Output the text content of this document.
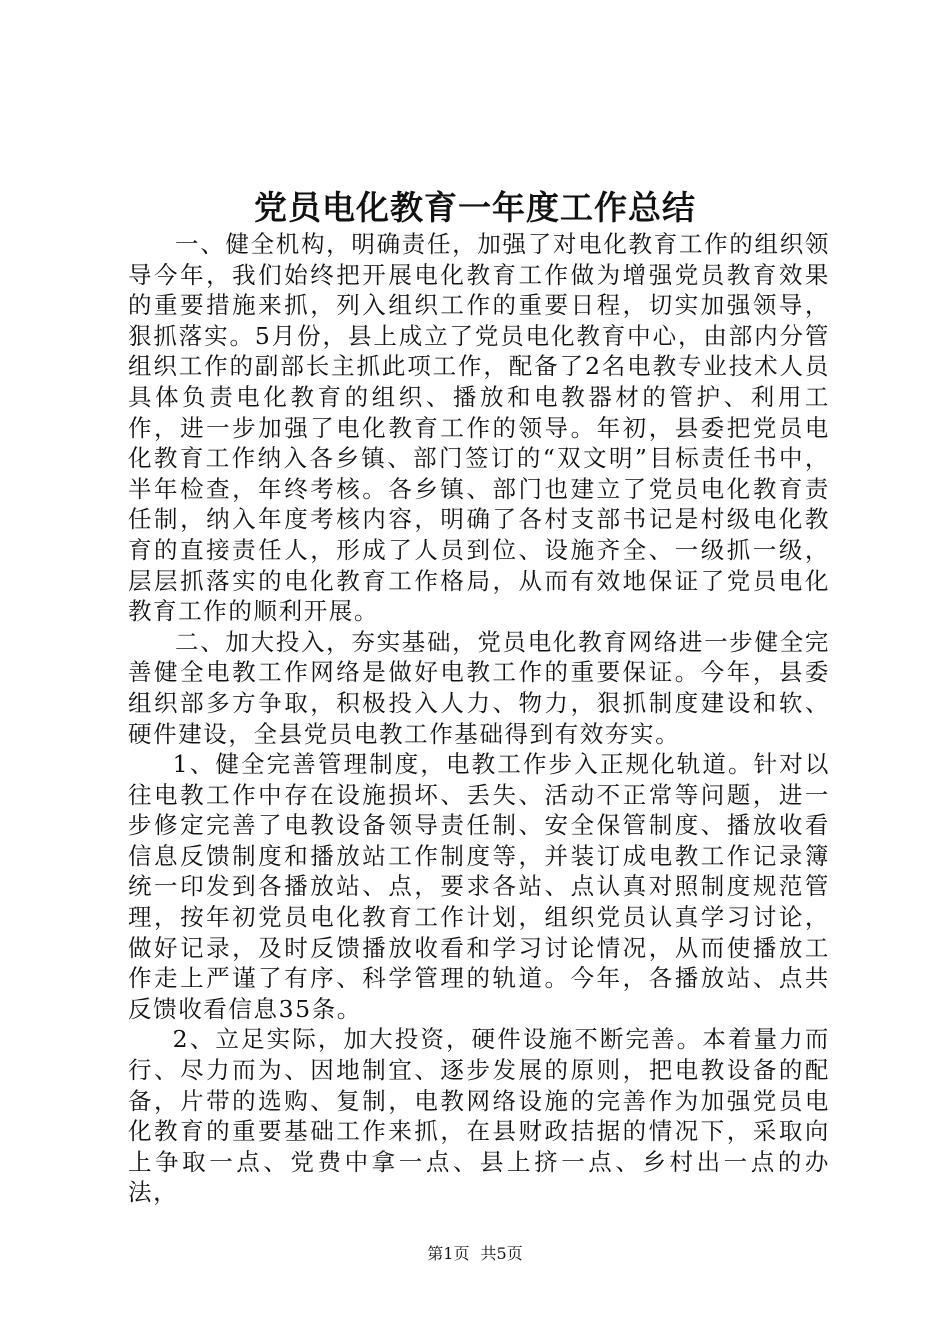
党员电化教育一年度工作总结

一、健全机构，明确责任，加强了对电化教育工作的组织领导今年，我们始终把开展电化教育工作做为增强党员教育效果的重要措施来抓，列入组织工作的重要日程，切实加强领导，狠抓落实。5月份，县上成立了党员电化教育中心，由部内分管组织工作的副部长主抓此项工作，配备了2名电教专业技术人员具体负责电化教育的组织、播放和电教器材的管护、利用工作，进一步加强了电化教育工作的领导。年初，县委把党员电化教育工作纳入各乡镇、部门签订的“双文明”目标责任书中，半年检查，年终考核。各乡镇、部门也建立了党员电化教育责任制，纳入年度考核内容，明确了各村支部书记是村级电化教育的直接责任人，形成了人员到位、设施齐全、一级抓一级，层层抓落实的电化教育工作格局，从而有效地保证了党员电化教育工作的顺利开展。

二、加大投入，夯实基础，党员电化教育网络进一步健全完善健全电教工作网络是做好电教工作的重要保证。今年，县委组织部多方争取，积极投入人力、物力，狠抓制度建设和软、硬件建设，全县党员电教工作基础得到有效夯实。

1、健全完善管理制度，电教工作步入正规化轨道。针对以往电教工作中存在设施损坏、丢失、活动不正常等问题，进一步修定完善了电教设备领导责任制、安全保管制度、播放收看信息反馈制度和播放站工作制度等，并装订成电教工作记录簿统一印发到各播放站、点，要求各站、点认真对照制度规范管理，按年初党员电化教育工作计划，组织党员认真学习讨论，做好记录，及时反馈播放收看和学习讨论情况，从而使播放工作走上严谨了有序、科学管理的轨道。今年，各播放站、点共反馈收看信息35条。

2、立足实际，加大投资，硬件设施不断完善。本着量力而行、尽力而为、因地制宜、逐步发展的原则，把电教设备的配备，片带的选购、复制，电教网络设施的完善作为加强党员电化教育的重要基础工作来抓，在县财政拮据的情况下，采取向上争取一点、党费中拿一点、县上挤一点、乡村出一点的办法，

第1页 共5页
